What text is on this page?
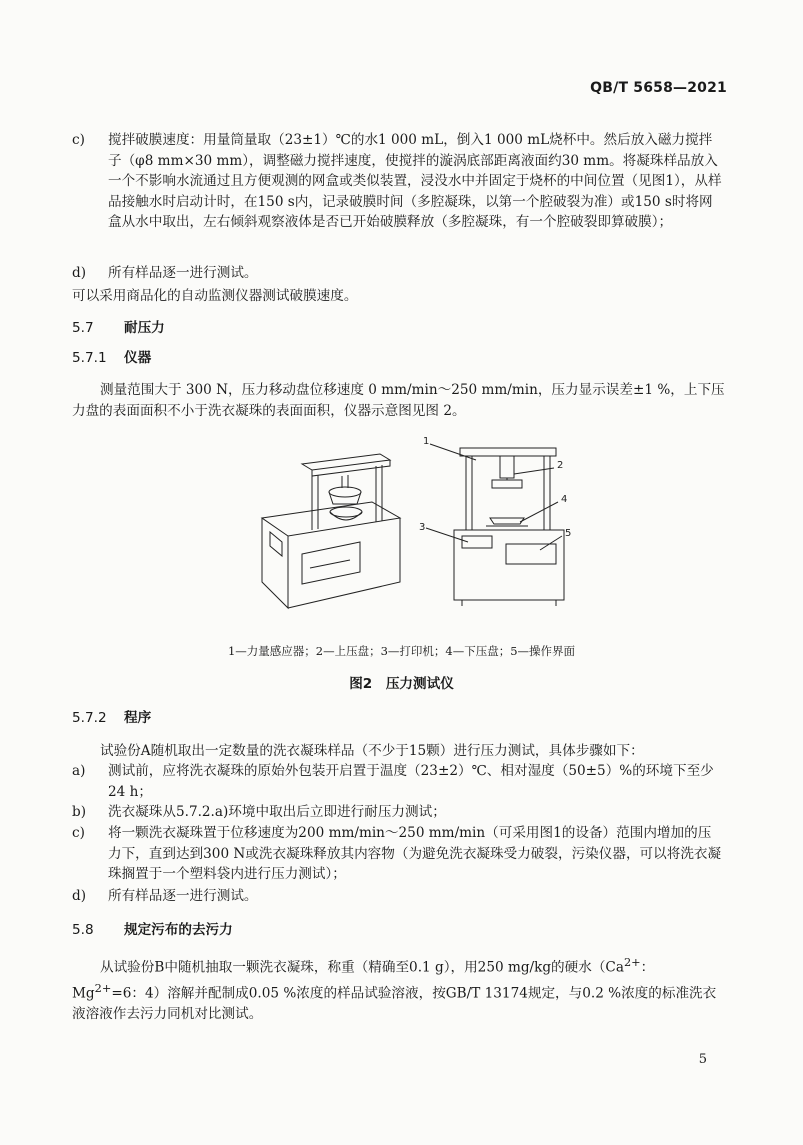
QB/T 5658—2021
c)	搅拌破膜速度：用量筒量取（23±1）℃的水1 000 mL，倒入1 000 mL烧杯中。然后放入磁力搅拌子（φ8 mm×30 mm），调整磁力搅拌速度，使搅拌的漩涡底部距离液面约30 mm。将凝珠样品放入一个不影响水流通过且方便观测的网盒或类似装置，浸没水中并固定于烧杯的中间位置（见图1），从样品接触水时启动计时，在150 s内，记录破膜时间（多腔凝珠，以第一个腔破裂为准）或150 s时将网盒从水中取出，左右倾斜观察液体是否已开始破膜释放（多腔凝珠，有一个腔破裂即算破膜）；
d)	所有样品逐一进行测试。
可以采用商品化的自动监测仪器测试破膜速度。
5.7 耐压力
5.7.1 仪器
测量范围大于 300 N，压力移动盘位移速度 0 mm/min～250 mm/min，压力显示误差±1 %，上下压力盘的表面面积不小于洗衣凝珠的表面面积，仪器示意图见图 2。
1
2
4
3
5
1—力量感应器；2—上压盘；3—打印机；4—下压盘；5—操作界面
图2　压力测试仪
5.7.2 程序
试验份A随机取出一定数量的洗衣凝珠样品（不少于15颗）进行压力测试，具体步骤如下：
a)	测试前，应将洗衣凝珠的原始外包装开启置于温度（23±2）℃、相对湿度（50±5）%的环境下至少24 h；
b)	洗衣凝珠从5.7.2.a)环境中取出后立即进行耐压力测试；
c)	将一颗洗衣凝珠置于位移速度为200 mm/min～250 mm/min（可采用图1的设备）范围内增加的压力下，直到达到300 N或洗衣凝珠释放其内容物（为避免洗衣凝珠受力破裂，污染仪器，可以将洗衣凝珠搁置于一个塑料袋内进行压力测试）；
d)	所有样品逐一进行测试。
5.8 规定污布的去污力
从试验份B中随机抽取一颗洗衣凝珠，称重（精确至0.1 g），用250 mg/kg的硬水（$Ca^{2+}$：$Mg^{2+}=6$：4）溶解并配制成0.05 %浓度的样品试验溶液，按GB/T 13174规定，与0.2 %浓度的标准洗衣液溶液作去污力同机对比测试。
5
